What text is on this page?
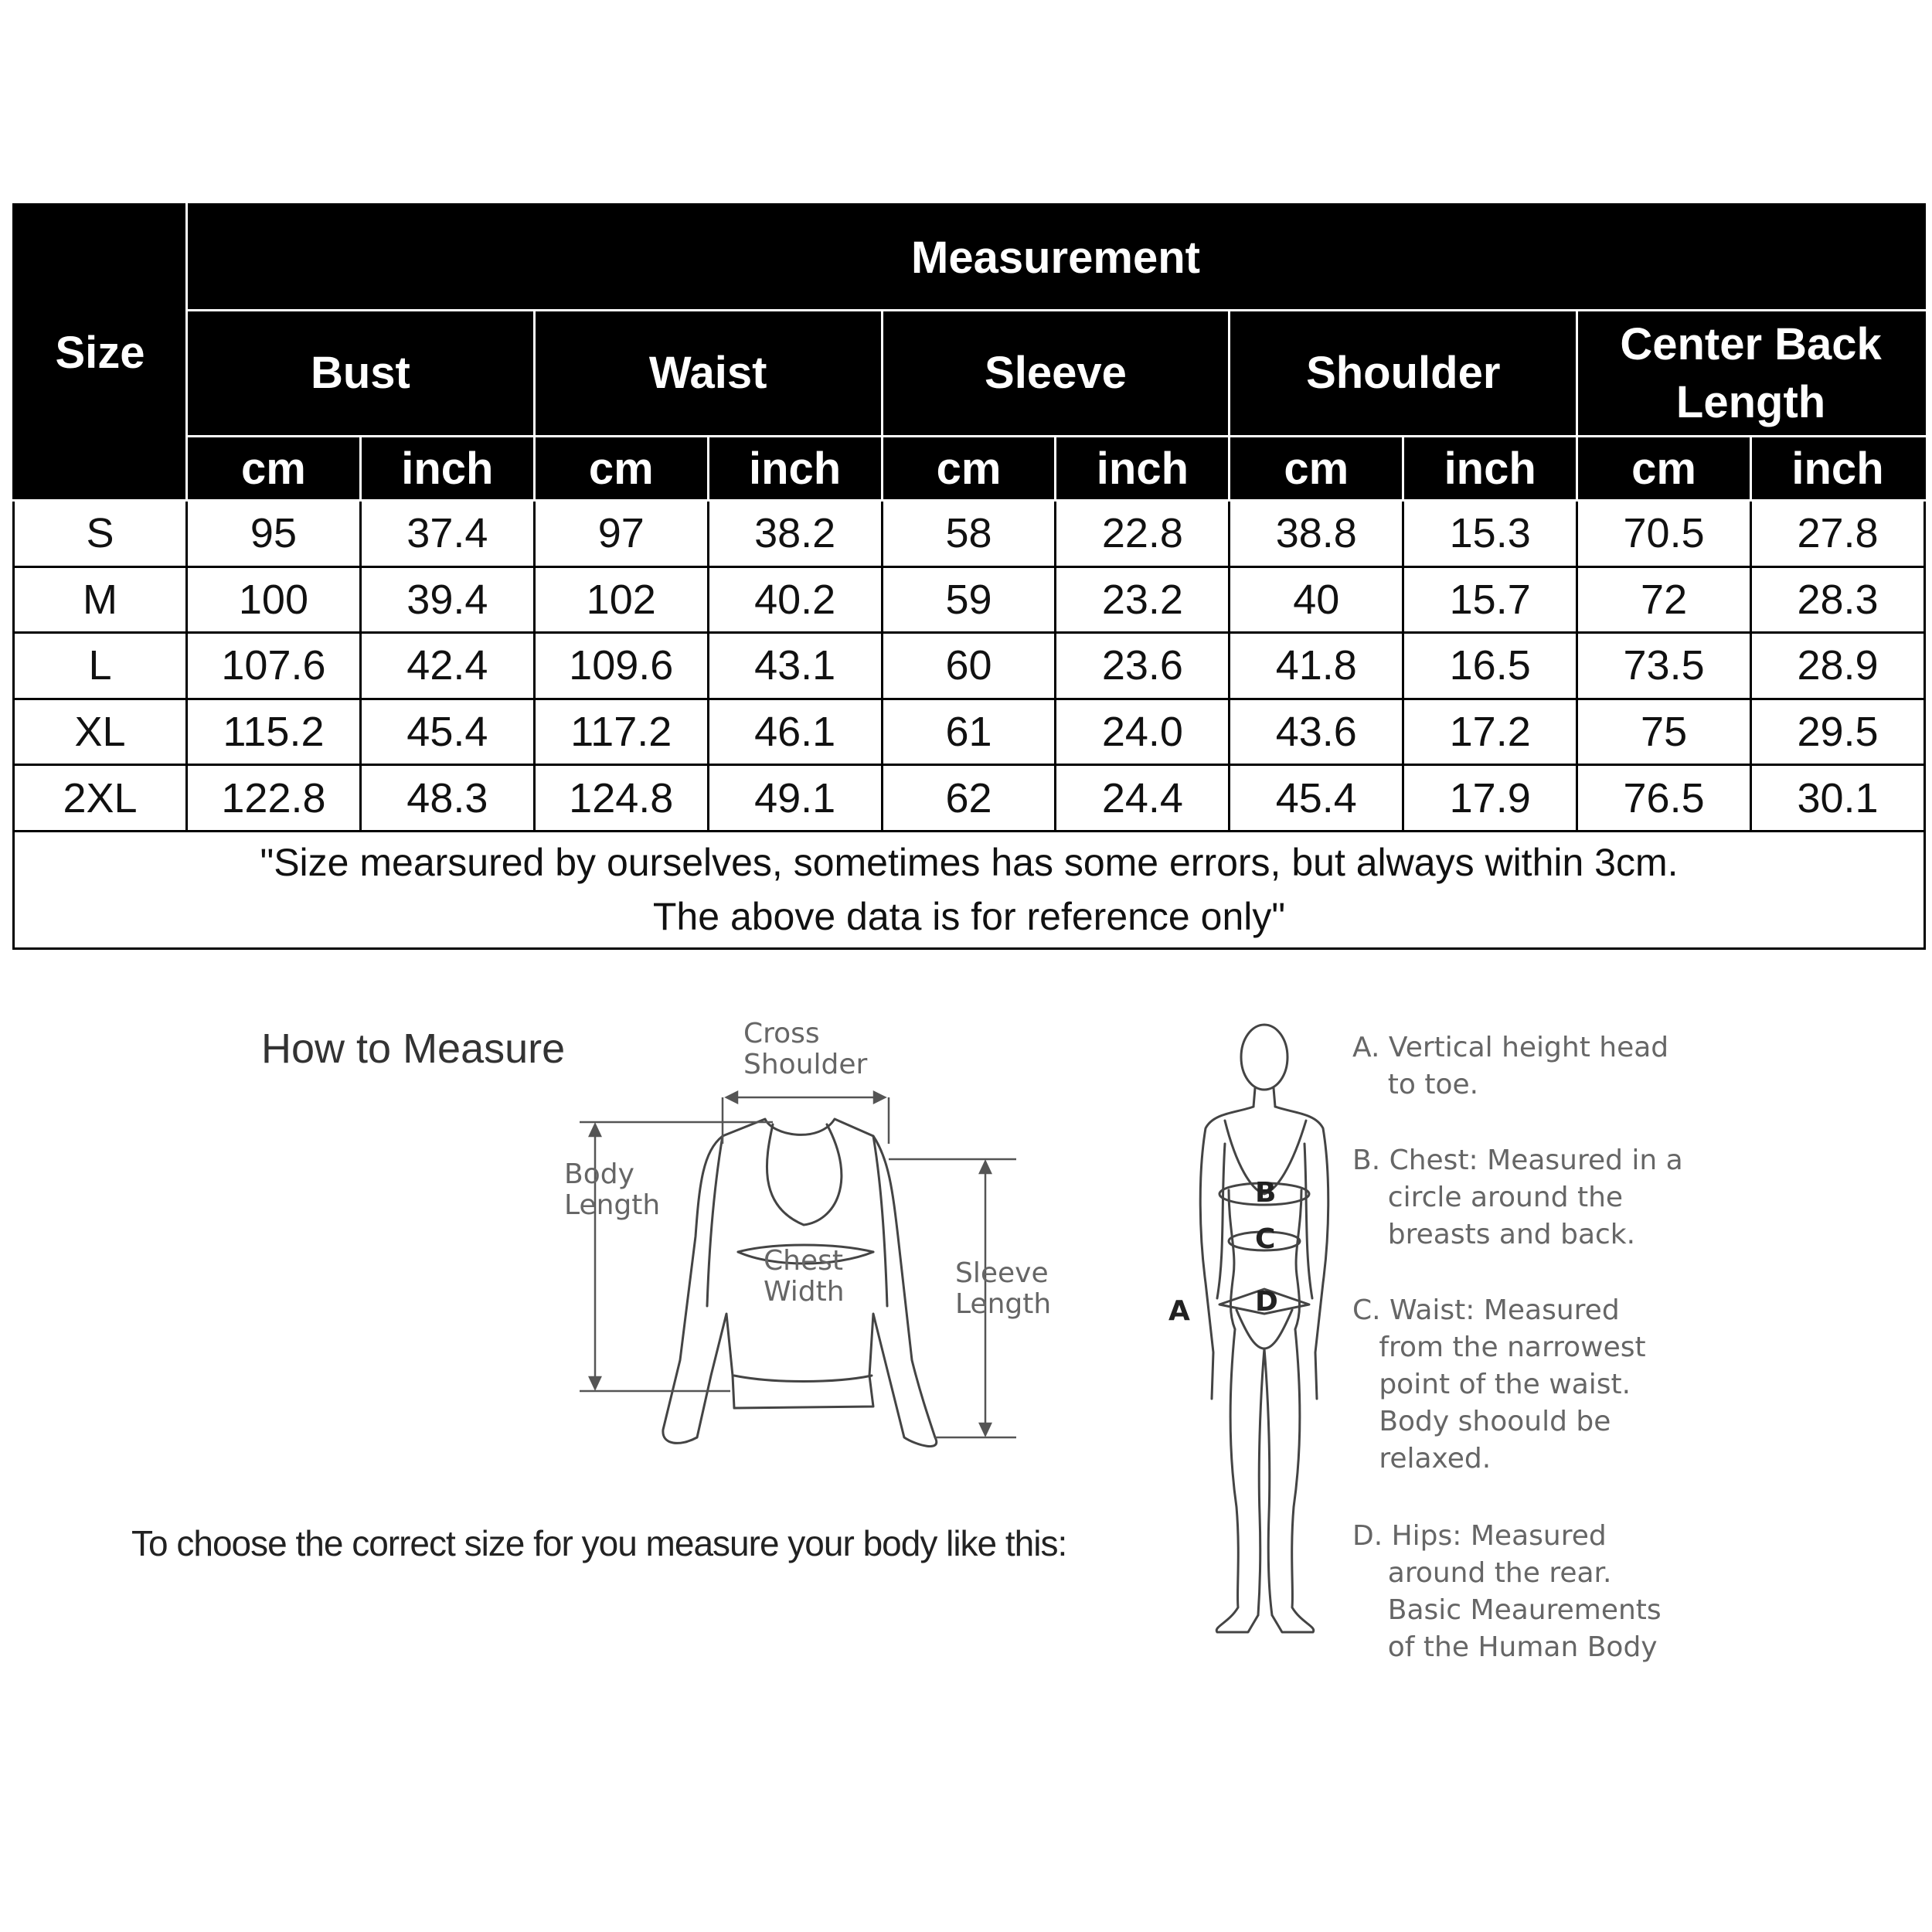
Size	Measurement									
	Bust		Waist		Sleeve		Shoulder		Center Back Length	
	cm	inch	cm	inch	cm	inch	cm	inch	cm	inch
S	95	37.4	97	38.2	58	22.8	38.8	15.3	70.5	27.8
M	100	39.4	102	40.2	59	23.2	40	15.7	72	28.3
L	107.6	42.4	109.6	43.1	60	23.6	41.8	16.5	73.5	28.9
XL	115.2	45.4	117.2	46.1	61	24.0	43.6	17.2	75	29.5
2XL	122.8	48.3	124.8	49.1	62	24.4	45.4	17.9	76.5	30.1

"Size mearsured by ourselves, sometimes has some errors, but always within 3cm.
The above data is for reference only"										
How to Measure
To choose the correct size for you measure your body like this:
Cross
Shoulder
Body
Length
Chest
Width
Sleeve
Length	A
B
C
D
A. Vertical height head
to toe.
B. Chest: Measured in a
circle around the
breasts and back.
C. Waist: Measured
from the narrowest
point of the waist.
Body shoould be
relaxed.
D. Hips: Measured
around the rear.
Basic Meaurements
of the Human Body
